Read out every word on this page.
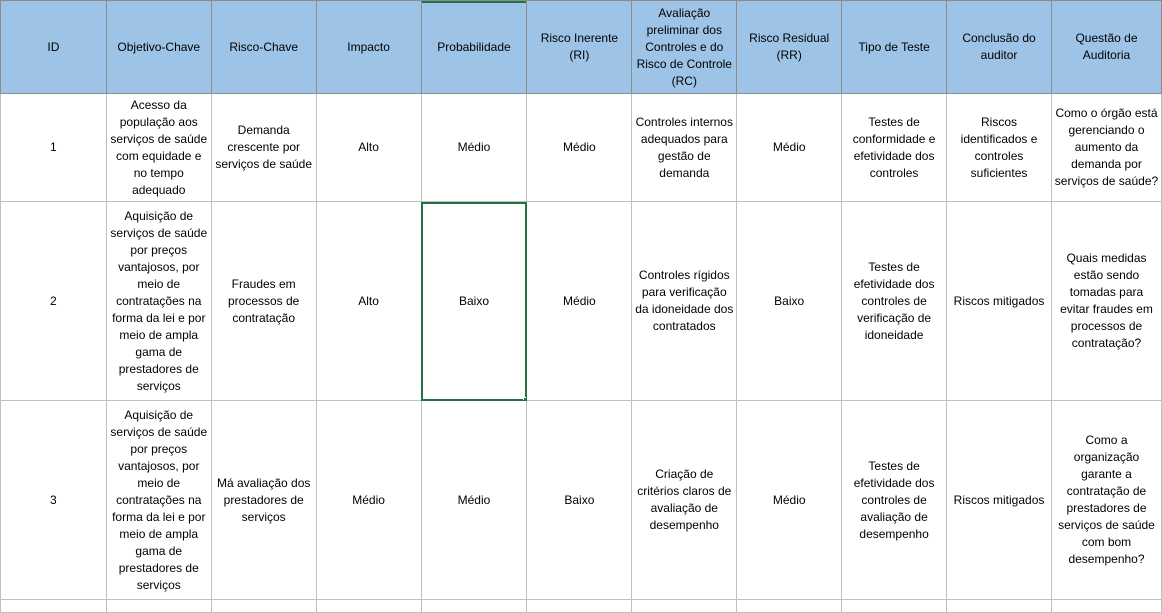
ID	Objetivo-Chave	Risco-Chave	Impacto	Probabilidade	Risco Inerente (RI)	Avaliação preliminar dos Controles e do Risco de Controle (RC)	Risco Residual (RR)	Tipo de Teste	Conclusão do auditor	Questão de Auditoria
1	Acesso da população aos serviços de saúde com equidade e no tempo adequado	Demanda crescente por serviços de saúde	Alto	Médio	Médio	Controles internos adequados para gestão de demanda	Médio	Testes de conformidade e efetividade dos controles	Riscos identificados e controles suficientes	Como o órgão está gerenciando o aumento da demanda por serviços de saúde?
2	Aquisição de serviços de saúde por preços vantajosos, por meio de contratações na forma da lei e por meio de ampla gama de prestadores de serviços	Fraudes em processos de contratação	Alto	Baixo	Médio	Controles rígidos para verificação da idoneidade dos contratados	Baixo	Testes de efetividade dos controles de verificação de idoneidade	Riscos mitigados	Quais medidas estão sendo tomadas para evitar fraudes em processos de contratação?
3	Aquisição de serviços de saúde por preços vantajosos, por meio de contratações na forma da lei e por meio de ampla gama de prestadores de serviços	Má avaliação dos prestadores de serviços	Médio	Médio	Baixo	Criação de critérios claros de avaliação de desempenho	Médio	Testes de efetividade dos controles de avaliação de desempenho	Riscos mitigados	Como a organização garante a contratação de prestadores de serviços de saúde com bom desempenho?
